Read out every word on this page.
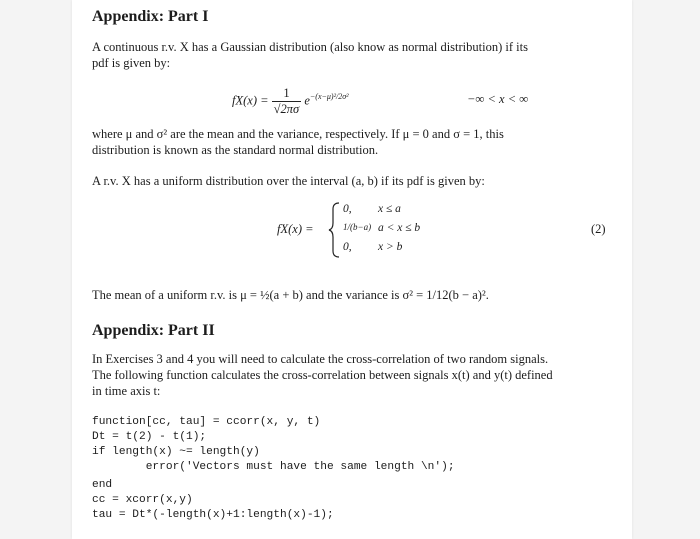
Appendix: Part I
A continuous r.v. X has a Gaussian distribution (also know as normal distribution) if its
pdf is given by:
$fX(x) = \frac{1}{√2\pi\sigma} e^{-(x-\mu)^2/2\sigma^2}$	−∞ < x < ∞
where μ and σ² are the mean and the variance, respectively. If μ = 0 and σ = 1, this
distribution is known as the standard normal distribution.
A r.v. X has a uniform distribution over the interval (a, b) if its pdf is given by:
fX(x) =
0, x ≤ a
1/(b−a) a < x ≤ b
0, x > b
(2)
The mean of a uniform r.v. is μ = ½(a + b) and the variance is σ² = 1/12(b − a)².
Appendix: Part II
In Exercises 3 and 4 you will need to calculate the cross-correlation of two random signals.
The following function calculates the cross-correlation between signals x(t) and y(t) defined
in time axis t:
function[cc, tau] = ccorr(x, y, t)
Dt = t(2) - t(1);
if length(x) ~= length(y)
error('Vectors must have the same length \n');
end
cc = xcorr(x,y)
tau = Dt*(-length(x)+1:length(x)-1);
